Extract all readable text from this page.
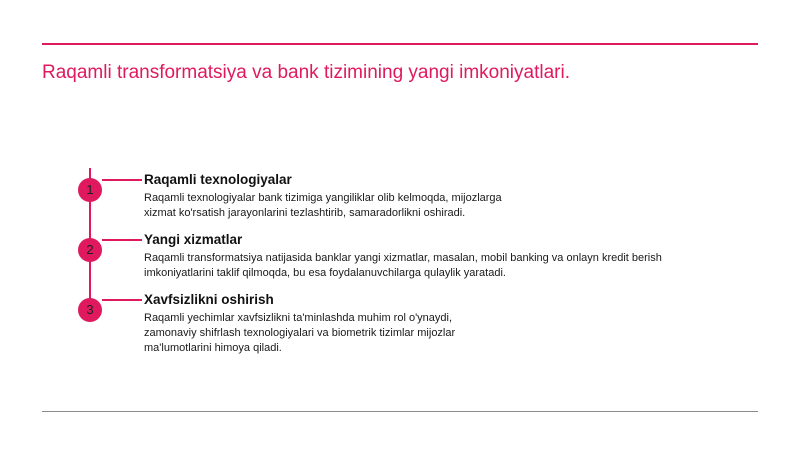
Raqamli transformatsiya va bank tizimining yangi imkoniyatlari.
1
Raqamli texnologiyalar
Raqamli texnologiyalar bank tizimiga yangiliklar olib kelmoqda, mijozlarga
xizmat ko'rsatish jarayonlarini tezlashtirib, samaradorlikni oshiradi.
2
Yangi xizmatlar
Raqamli transformatsiya natijasida banklar yangi xizmatlar, masalan, mobil banking va onlayn kredit berish
imkoniyatlarini taklif qilmoqda, bu esa foydalanuvchilarga qulaylik yaratadi.
3
Xavfsizlikni oshirish
Raqamli yechimlar xavfsizlikni ta'minlashda muhim rol o'ynaydi,
zamonaviy shifrlash texnologiyalari va biometrik tizimlar mijozlar
ma'lumotlarini himoya qiladi.
